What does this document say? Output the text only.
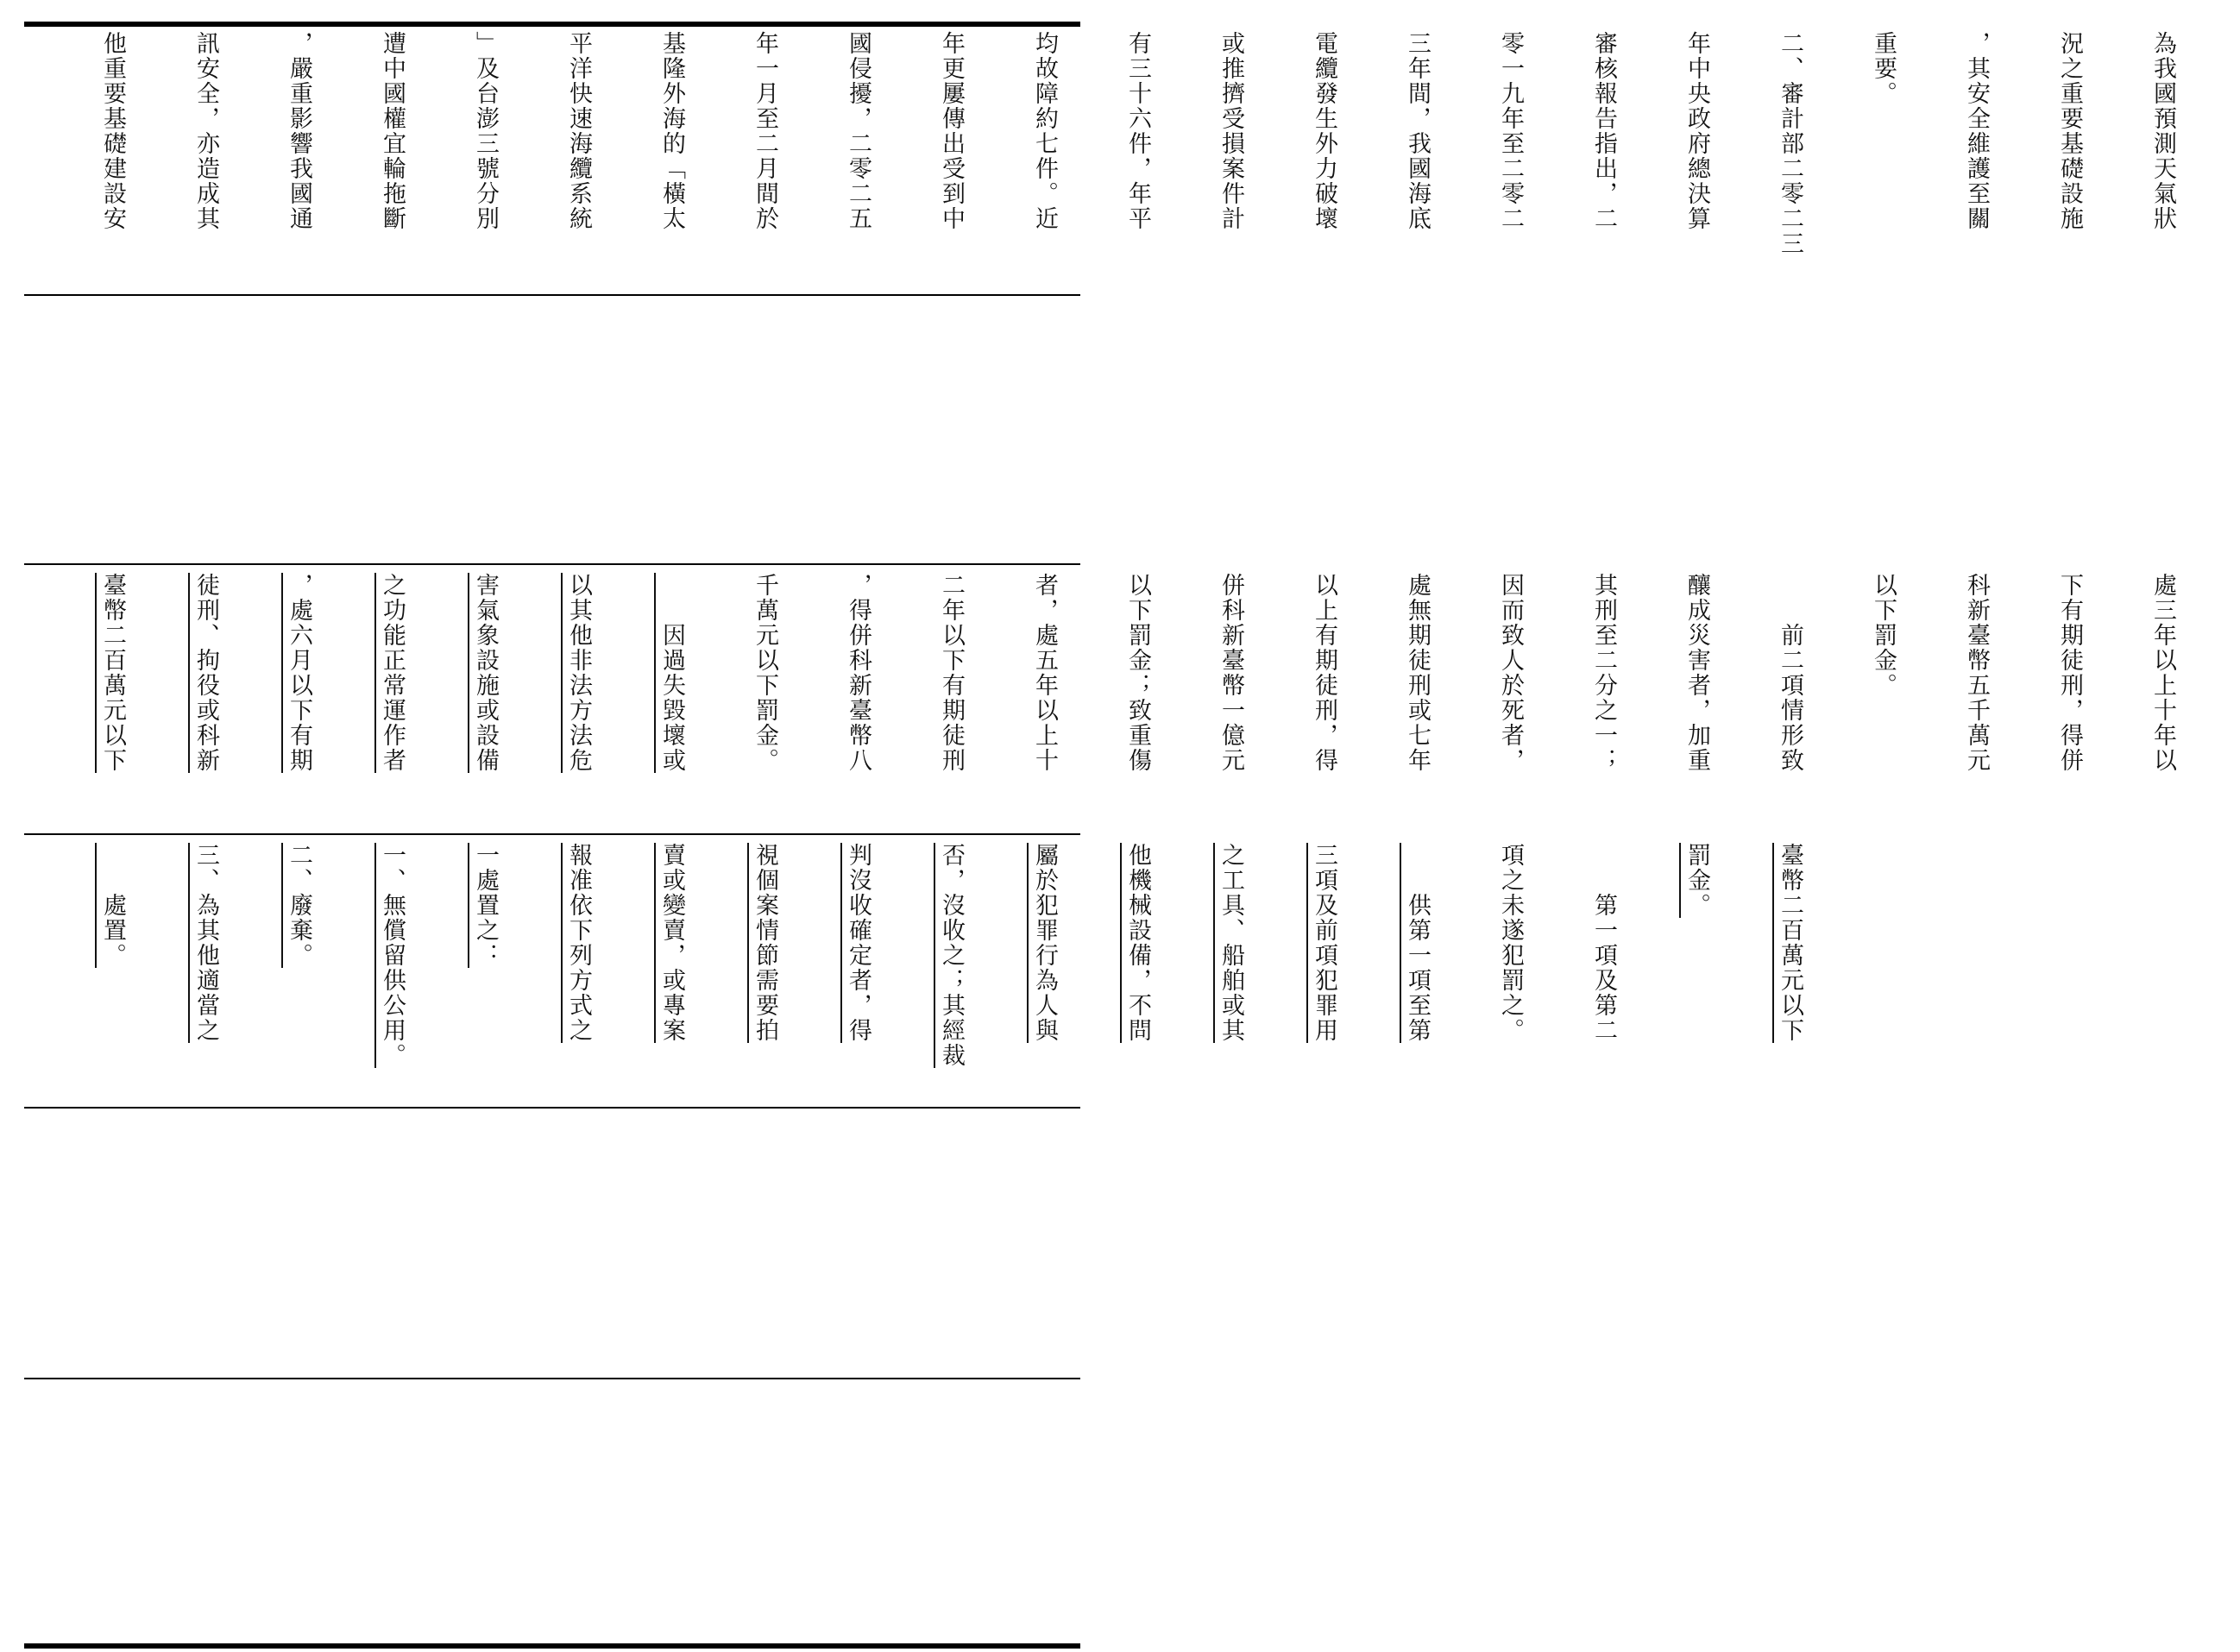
為我國預測天氣狀

況之重要基礎設施

，其安全維護至關

重要。

二、審計部二零二三

年中央政府總決算

審核報告指出，二

零一九年至二零二

三年間，我國海底

電纜發生外力破壞

或推擠受損案件計

有三十六件，年平

均故障約七件。近

年更屢傳出受到中

國侵擾，二零二五

年一月至二月間於

基隆外海的「橫太

平洋快速海纜系統

」及台澎三號分別

遭中國權宜輪拖斷

，嚴重影響我國通

訊安全，亦造成其

他重要基礎建設安

處三年以上十年以

下有期徒刑，得併

科新臺幣五千萬元

以下罰金。

　　前二項情形致

釀成災害者，加重

其刑至二分之一；

因而致人於死者，

處無期徒刑或七年

以上有期徒刑，得

併科新臺幣一億元

以下罰金；致重傷

者，處五年以上十

二年以下有期徒刑

，得併科新臺幣八

千萬元以下罰金。

　　因過失毀壞或

以其他非法方法危

害氣象設施或設備

之功能正常運作者

，處六月以下有期

徒刑、拘役或科新

臺幣二百萬元以下

臺幣二百萬元以下

罰金。

　　第一項及第二

項之未遂犯罰之。

　　供第一項至第

三項及前項犯罪用

之工具、船舶或其

他機械設備，不問

屬於犯罪行為人與

否，沒收之；其經裁

判沒收確定者，得

視個案情節需要拍

賣或變賣，或專案

報准依下列方式之

一處置之：

一、無償留供公用。

二、廢棄。

三、為其他適當之

　　處置。
